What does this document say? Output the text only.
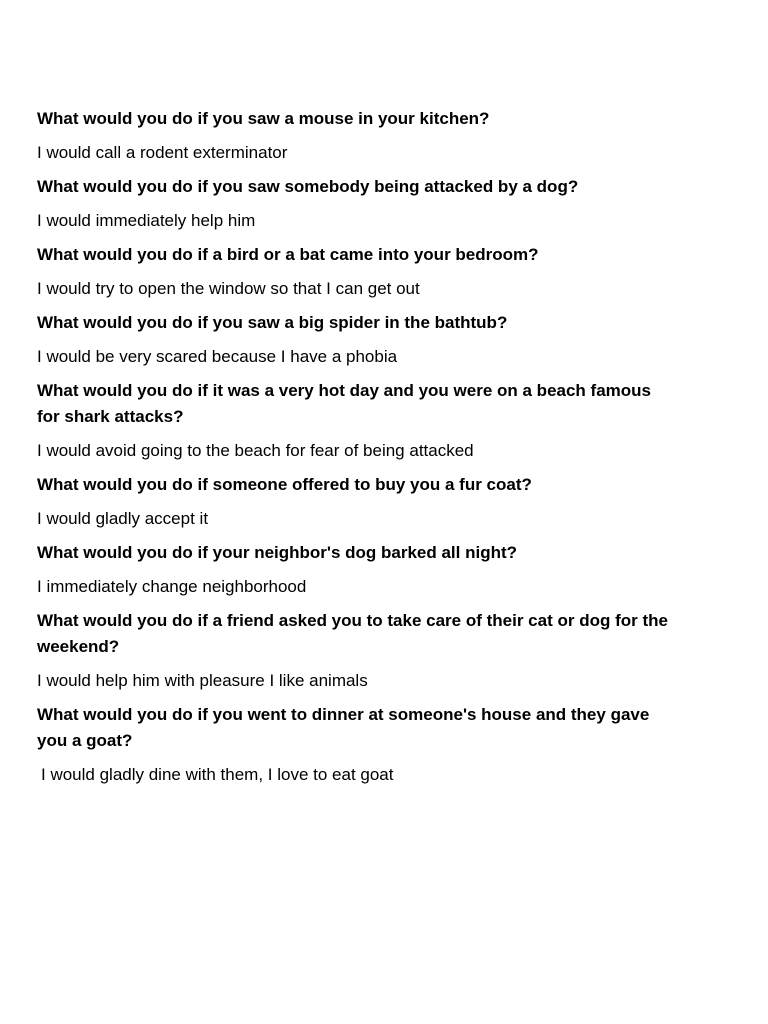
What would you do if you saw a mouse in your kitchen?

I would call a rodent exterminator

What would you do if you saw somebody being attacked by a dog?

I would immediately help him

What would you do if a bird or a bat came into your bedroom?

I would try to open the window so that I can get out

What would you do if you saw a big spider in the bathtub?

I would be very scared because I have a phobia

What would you do if it was a very hot day and you were on a beach famous for shark attacks?

I would avoid going to the beach for fear of being attacked

What would you do if someone offered to buy you a fur coat?

I would gladly accept it

What would you do if your neighbor's dog barked all night?

I immediately change neighborhood

What would you do if a friend asked you to take care of their cat or dog for the weekend?

I would help him with pleasure I like animals

What would you do if you went to dinner at someone's house and they gave you a goat?

I would gladly dine with them, I love to eat goat
